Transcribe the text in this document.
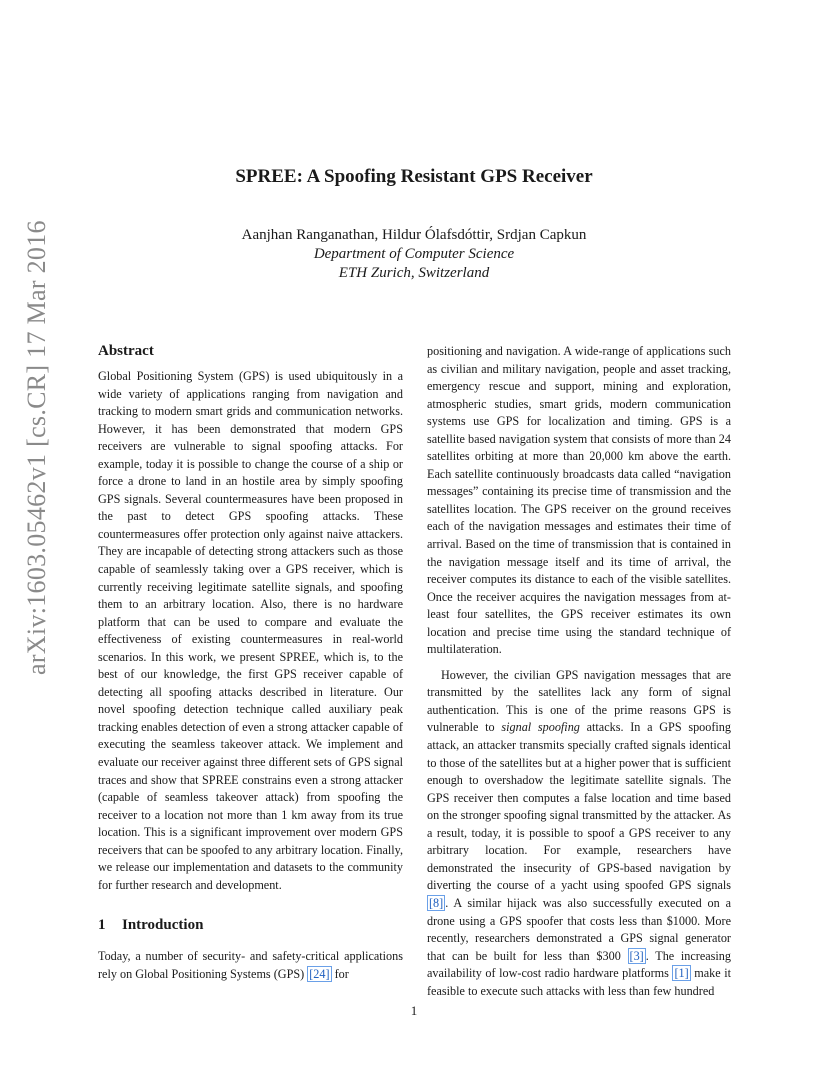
arXiv:1603.05462v1 [cs.CR] 17 Mar 2016
SPREE: A Spoofing Resistant GPS Receiver
Aanjhan Ranganathan, Hildur Ólafsdóttir, Srdjan Capkun
Department of Computer Science
ETH Zurich, Switzerland
Abstract

Global Positioning System (GPS) is used ubiquitously in a wide variety of applications ranging from navigation and tracking to modern smart grids and communication networks. However, it has been demonstrated that modern GPS receivers are vulnerable to signal spoofing attacks. For example, today it is possible to change the course of a ship or force a drone to land in an hostile area by simply spoofing GPS signals. Several countermeasures have been proposed in the past to detect GPS spoofing attacks. These countermeasures offer protection only against naive attackers. They are incapable of detecting strong attackers such as those capable of seamlessly taking over a GPS receiver, which is currently receiving legitimate satellite signals, and spoofing them to an arbitrary location. Also, there is no hardware platform that can be used to compare and evaluate the effectiveness of existing countermeasures in real-world scenarios. In this work, we present SPREE, which is, to the best of our knowledge, the first GPS receiver capable of detecting all spoofing attacks described in literature. Our novel spoofing detection technique called auxiliary peak tracking enables detection of even a strong attacker capable of executing the seamless takeover attack. We implement and evaluate our receiver against three different sets of GPS signal traces and show that SPREE constrains even a strong attacker (capable of seamless takeover attack) from spoofing the receiver to a location not more than 1 km away from its true location. This is a significant improvement over modern GPS receivers that can be spoofed to any arbitrary location. Finally, we release our implementation and datasets to the community for further research and development.

1 Introduction

Today, a number of security- and safety-critical applications rely on Global Positioning Systems (GPS) [24] for

positioning and navigation. A wide-range of applications such as civilian and military navigation, people and asset tracking, emergency rescue and support, mining and exploration, atmospheric studies, smart grids, modern communication systems use GPS for localization and timing. GPS is a satellite based navigation system that consists of more than 24 satellites orbiting at more than 20,000 km above the earth. Each satellite continuously broadcasts data called “navigation messages” containing its precise time of transmission and the satellites location. The GPS receiver on the ground receives each of the navigation messages and estimates their time of arrival. Based on the time of transmission that is contained in the navigation message itself and its time of arrival, the receiver computes its distance to each of the visible satellites. Once the receiver acquires the navigation messages from at-least four satellites, the GPS receiver estimates its own location and precise time using the standard technique of multilateration.

However, the civilian GPS navigation messages that are transmitted by the satellites lack any form of signal authentication. This is one of the prime reasons GPS is vulnerable to signal spoofing attacks. In a GPS spoofing attack, an attacker transmits specially crafted signals identical to those of the satellites but at a higher power that is sufficient enough to overshadow the legitimate satellite signals. The GPS receiver then computes a false location and time based on the stronger spoofing signal transmitted by the attacker. As a result, today, it is possible to spoof a GPS receiver to any arbitrary location. For example, researchers have demonstrated the insecurity of GPS-based navigation by diverting the course of a yacht using spoofed GPS signals [8] . A similar hijack was also successfully executed on a drone using a GPS spoofer that costs less than $1000. More recently, researchers demonstrated a GPS signal generator that can be built for less than $300 [3] . The increasing availability of low-cost radio hardware platforms [1] make it feasible to execute such attacks with less than few hundred

1
